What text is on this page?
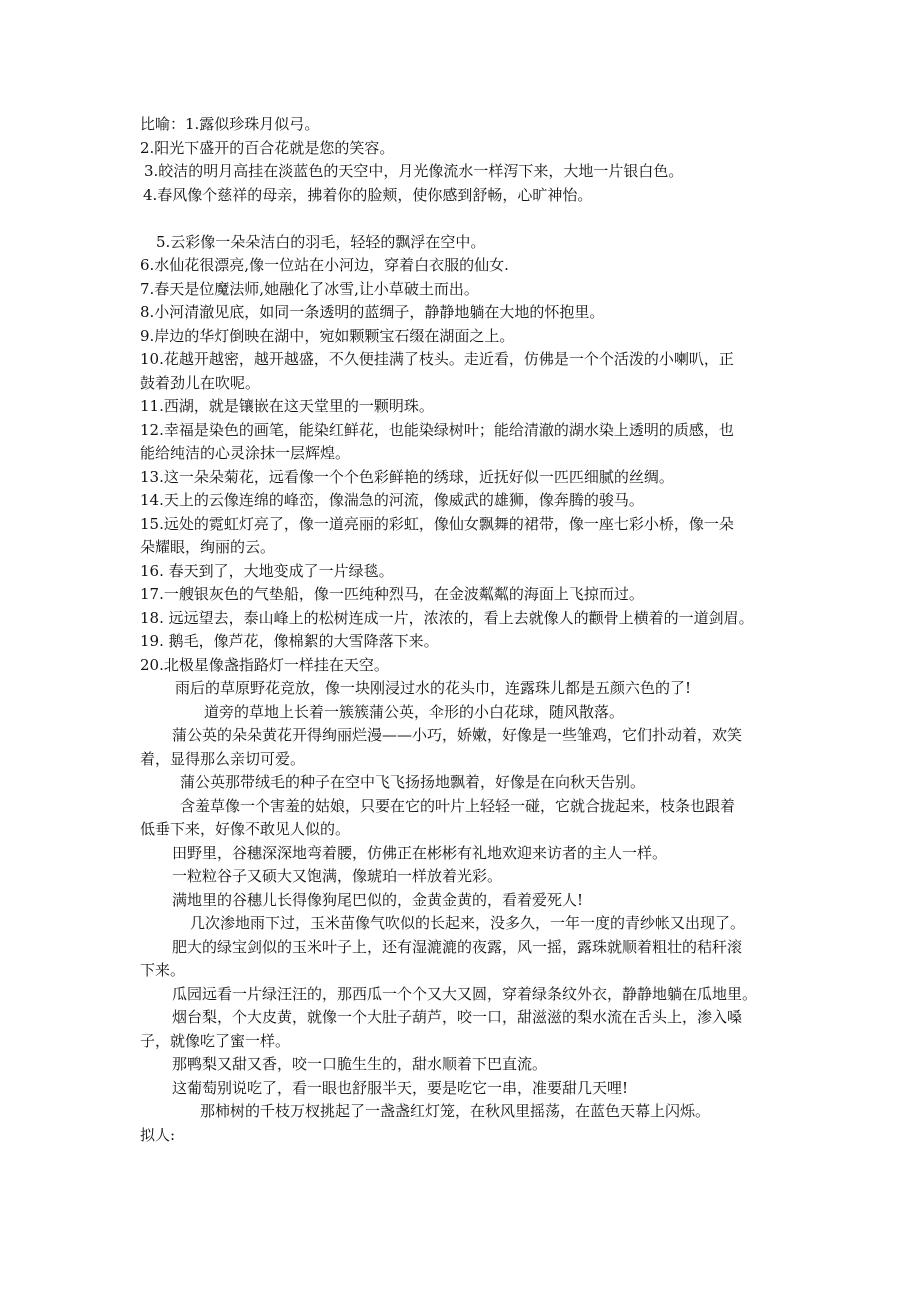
比喻：1.露似珍珠月似弓。
2.阳光下盛开的百合花就是您的笑容。
3.皎洁的明月高挂在淡蓝色的天空中，月光像流水一样泻下来，大地一片银白色。
4.春风像个慈祥的母亲，拂着你的脸颊，使你感到舒畅，心旷神怡。
5.云彩像一朵朵洁白的羽毛，轻轻的飘浮在空中。
6.水仙花很漂亮,像一位站在小河边，穿着白衣服的仙女.
7.春天是位魔法师,她融化了冰雪,让小草破土而出。
8.小河清澈见底，如同一条透明的蓝绸子，静静地躺在大地的怀抱里。
9.岸边的华灯倒映在湖中，宛如颗颗宝石缀在湖面之上。
10.花越开越密，越开越盛，不久便挂满了枝头。走近看，仿佛是一个个活泼的小喇叭，正
鼓着劲儿在吹呢。
11.西湖，就是镶嵌在这天堂里的一颗明珠。
12.幸福是染色的画笔，能染红鲜花，也能染绿树叶；能给清澈的湖水染上透明的质感，也
能给纯洁的心灵涂抹一层辉煌。
13.这一朵朵菊花，远看像一个个色彩鲜艳的绣球，近抚好似一匹匹细腻的丝绸。
14.天上的云像连绵的峰峦，像湍急的河流，像威武的雄狮，像奔腾的骏马。
15.远处的霓虹灯亮了，像一道亮丽的彩虹，像仙女飘舞的裙带，像一座七彩小桥，像一朵
朵耀眼，绚丽的云。
16. 春天到了，大地变成了一片绿毯。
17.一艘银灰色的气垫船，像一匹纯种烈马，在金波粼粼的海面上飞掠而过。
18. 远远望去，泰山峰上的松树连成一片，浓浓的，看上去就像人的颧骨上横着的一道剑眉。
19. 鹅毛，像芦花，像棉絮的大雪降落下来。
20.北极星像盏指路灯一样挂在天空。
雨后的草原野花竞放，像一块刚浸过水的花头巾，连露珠儿都是五颜六色的了!
道旁的草地上长着一簇簇蒲公英，伞形的小白花球，随风散落。
蒲公英的朵朵黄花开得绚丽烂漫——小巧，娇嫩，好像是一些雏鸡，它们扑动着，欢笑
着，显得那么亲切可爱。
蒲公英那带绒毛的种子在空中飞飞扬扬地飘着，好像是在向秋天告别。
含羞草像一个害羞的姑娘，只要在它的叶片上轻轻一碰，它就合拢起来，枝条也跟着
低垂下来，好像不敢见人似的。
田野里，谷穗深深地弯着腰，仿佛正在彬彬有礼地欢迎来访者的主人一样。
一粒粒谷子又硕大又饱满，像琥珀一样放着光彩。
满地里的谷穗儿长得像狗尾巴似的，金黄金黄的，看着爱死人!
几次渗地雨下过，玉米苗像气吹似的长起来，没多久，一年一度的青纱帐又出现了。
肥大的绿宝剑似的玉米叶子上，还有湿漉漉的夜露，风一摇，露珠就顺着粗壮的秸秆滚
下来。
瓜园远看一片绿汪汪的，那西瓜一个个又大又圆，穿着绿条纹外衣，静静地躺在瓜地里。
烟台梨，个大皮黄，就像一个大肚子葫芦，咬一口，甜滋滋的梨水流在舌头上，渗入嗓
子，就像吃了蜜一样。
那鸭梨又甜又香，咬一口脆生生的，甜水顺着下巴直流。
这葡萄别说吃了，看一眼也舒服半天，要是吃它一串，准要甜几天哩!
那柿树的千枝万杈挑起了一盏盏红灯笼，在秋风里摇荡，在蓝色天幕上闪烁。
拟人:
